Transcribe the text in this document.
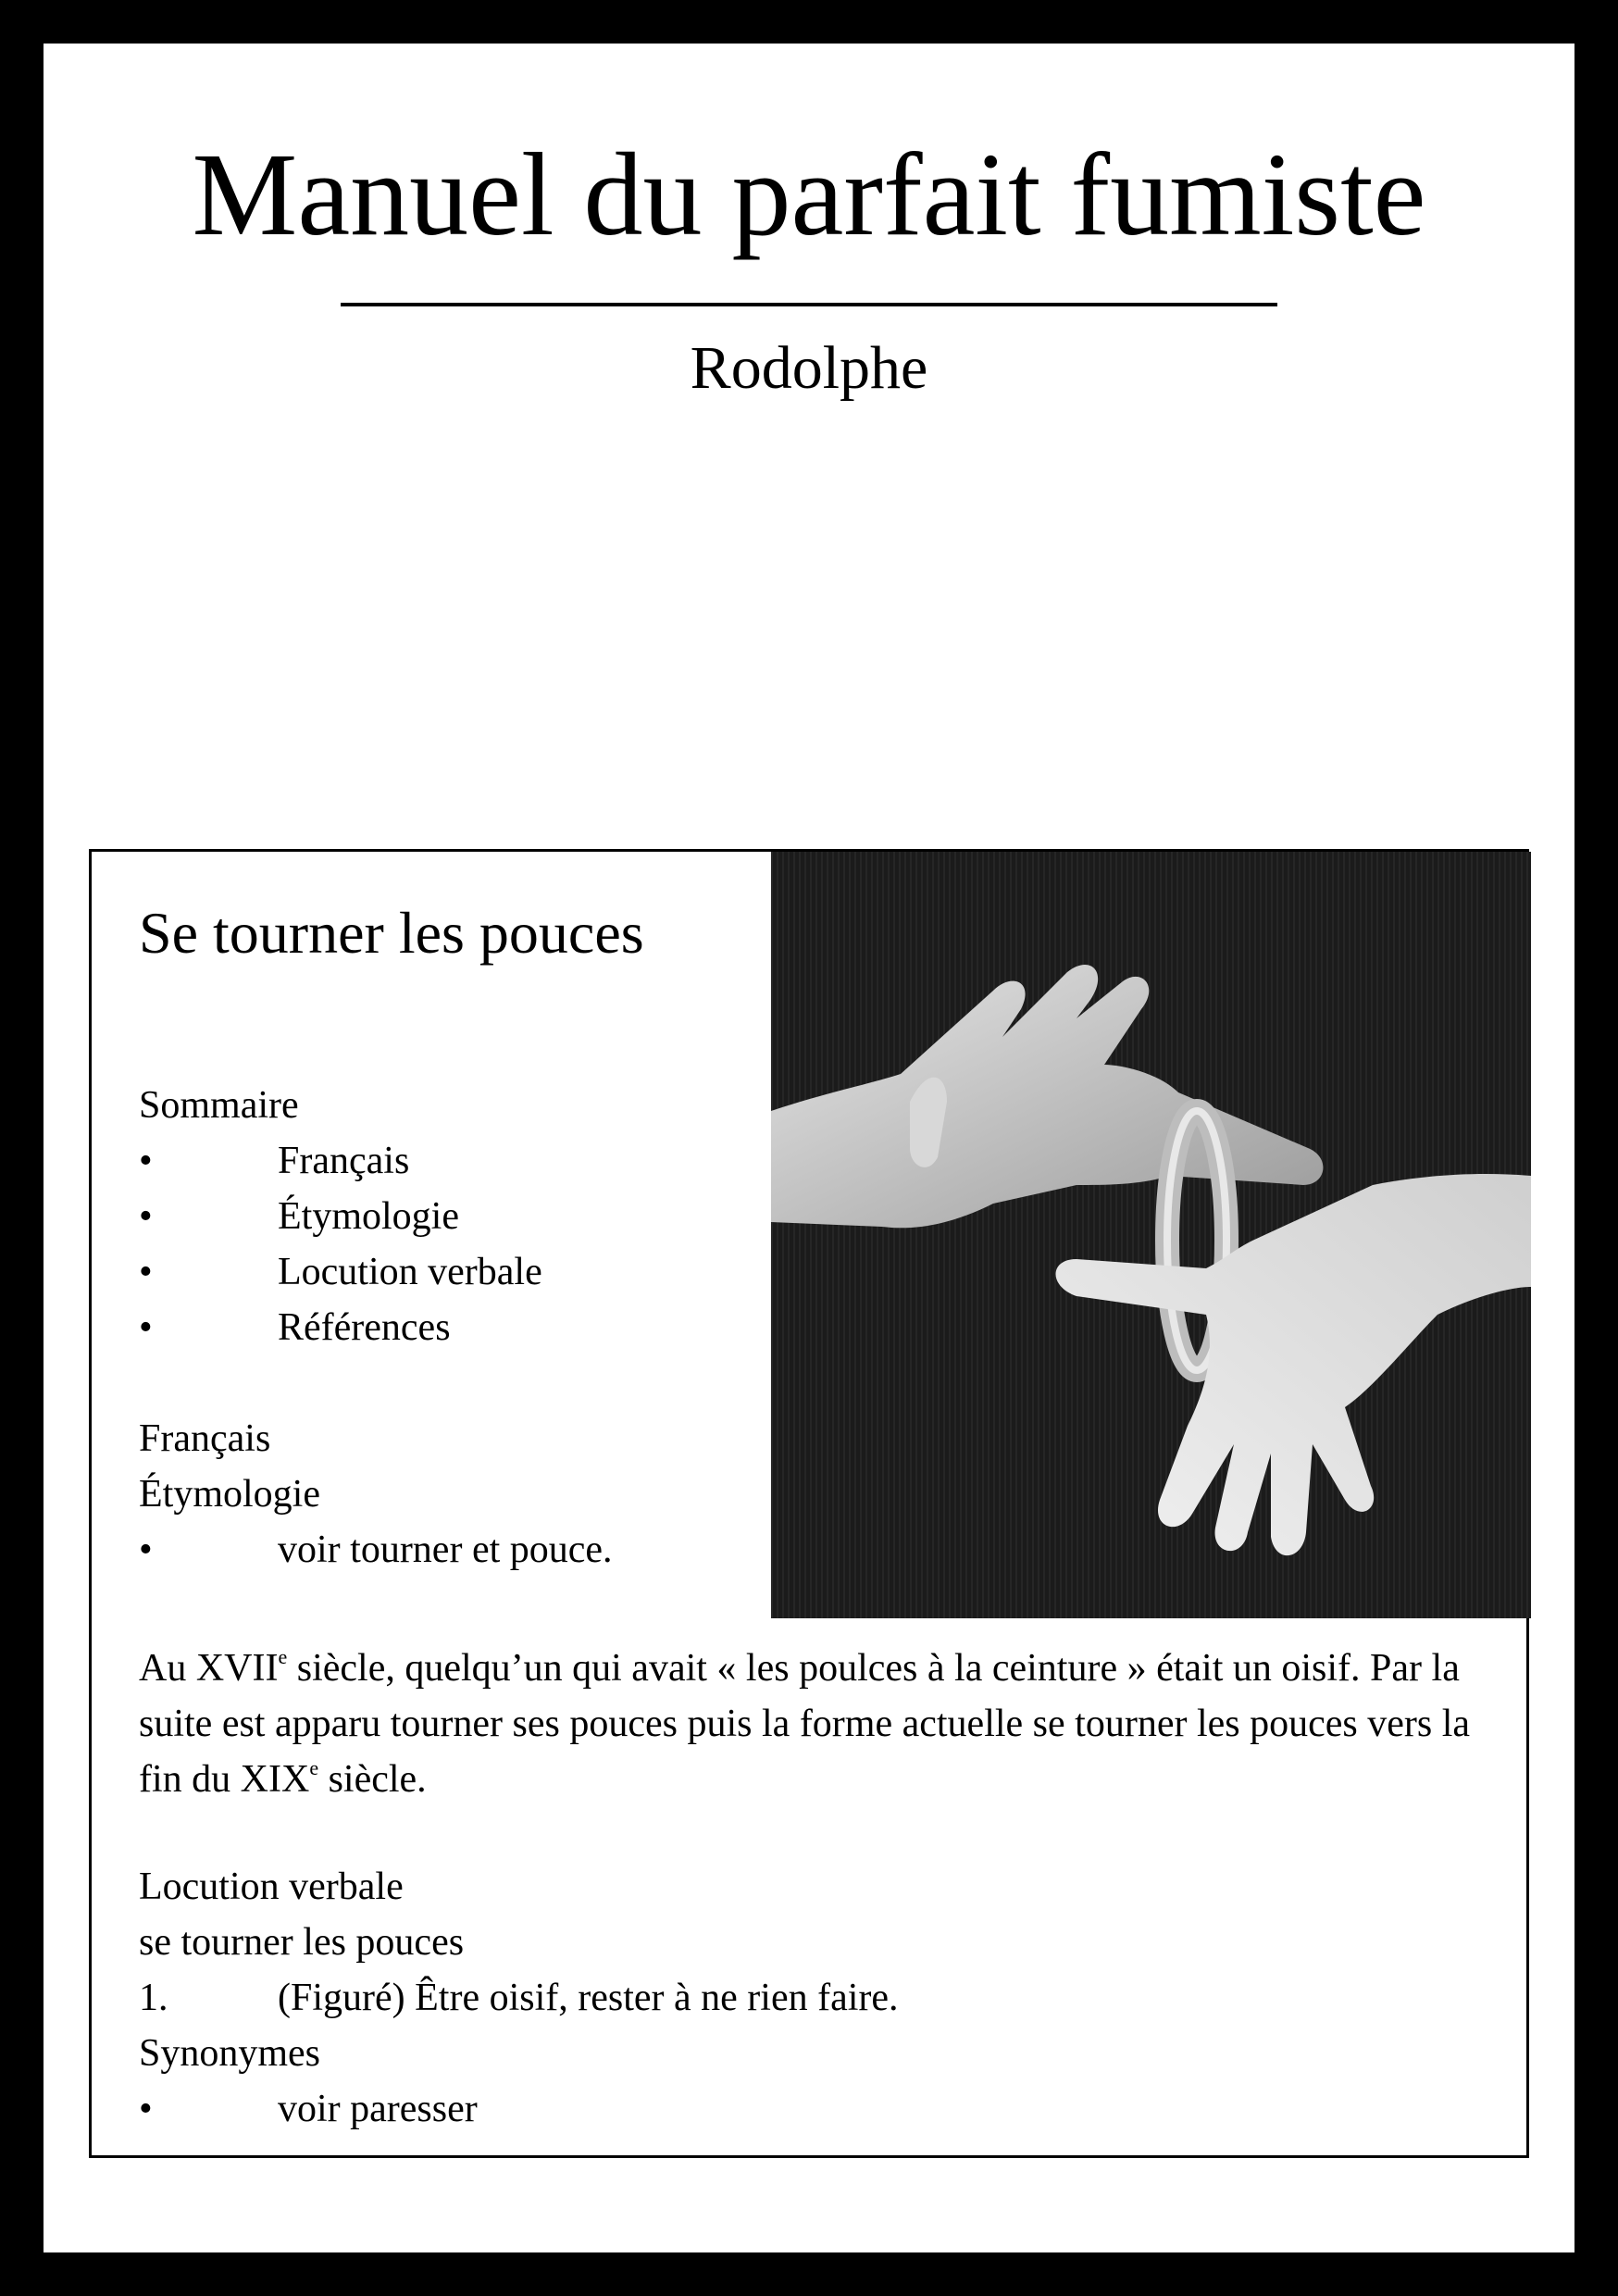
Manuel du parfait fumiste
Rodolphe
Se tourner les pouces
Sommaire
•	Français
•	Étymologie
•	Locution verbale
•	Références
Français
Étymologie
•	voir tourner et pouce.
Au XVIIe siècle, quelqu’un qui avait « les poulces à la ceinture » était un oisif. Par la suite est apparu tourner ses pouces puis la forme actuelle se tourner les pouces vers la fin du XIXe siècle.
Locution verbale
se tourner les pouces
1.	(Figuré) Être oisif, rester à ne rien faire.
Synonymes
•	voir paresser
